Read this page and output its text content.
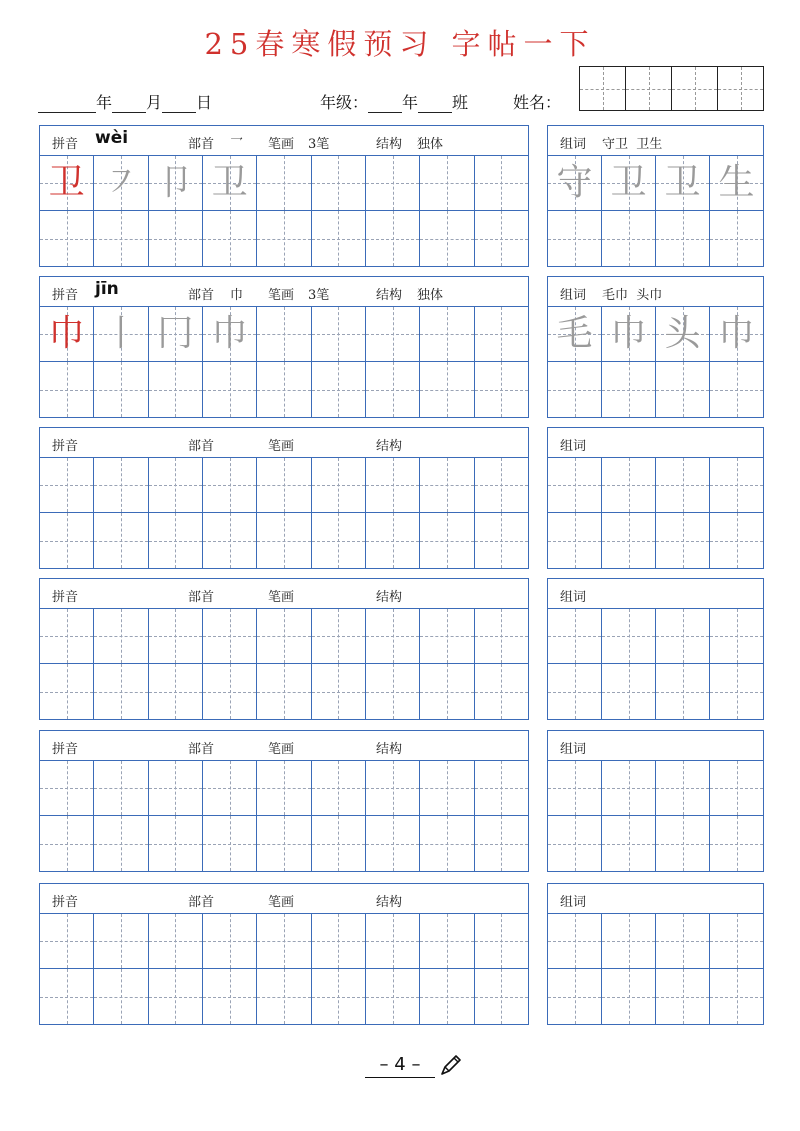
25春寒假预习 字帖一下
年 月 日	年级： 年 班	姓名：
拼音 wèi	部首 乛 笔画 3笔	结构 独体
卫 ㇇ 卩 卫
组词 守卫  卫生
守 卫 卫 生
拼音 jīn	部首 巾 笔画 3笔	结构 独体
巾 丨 冂 巾
组词 毛巾  头巾
毛 巾 头 巾
拼音	部首	笔画	结构	组词
拼音	部首	笔画	结构	组词
拼音	部首	笔画	结构	组词
拼音	部首	笔画	结构	组词
– 4 –
